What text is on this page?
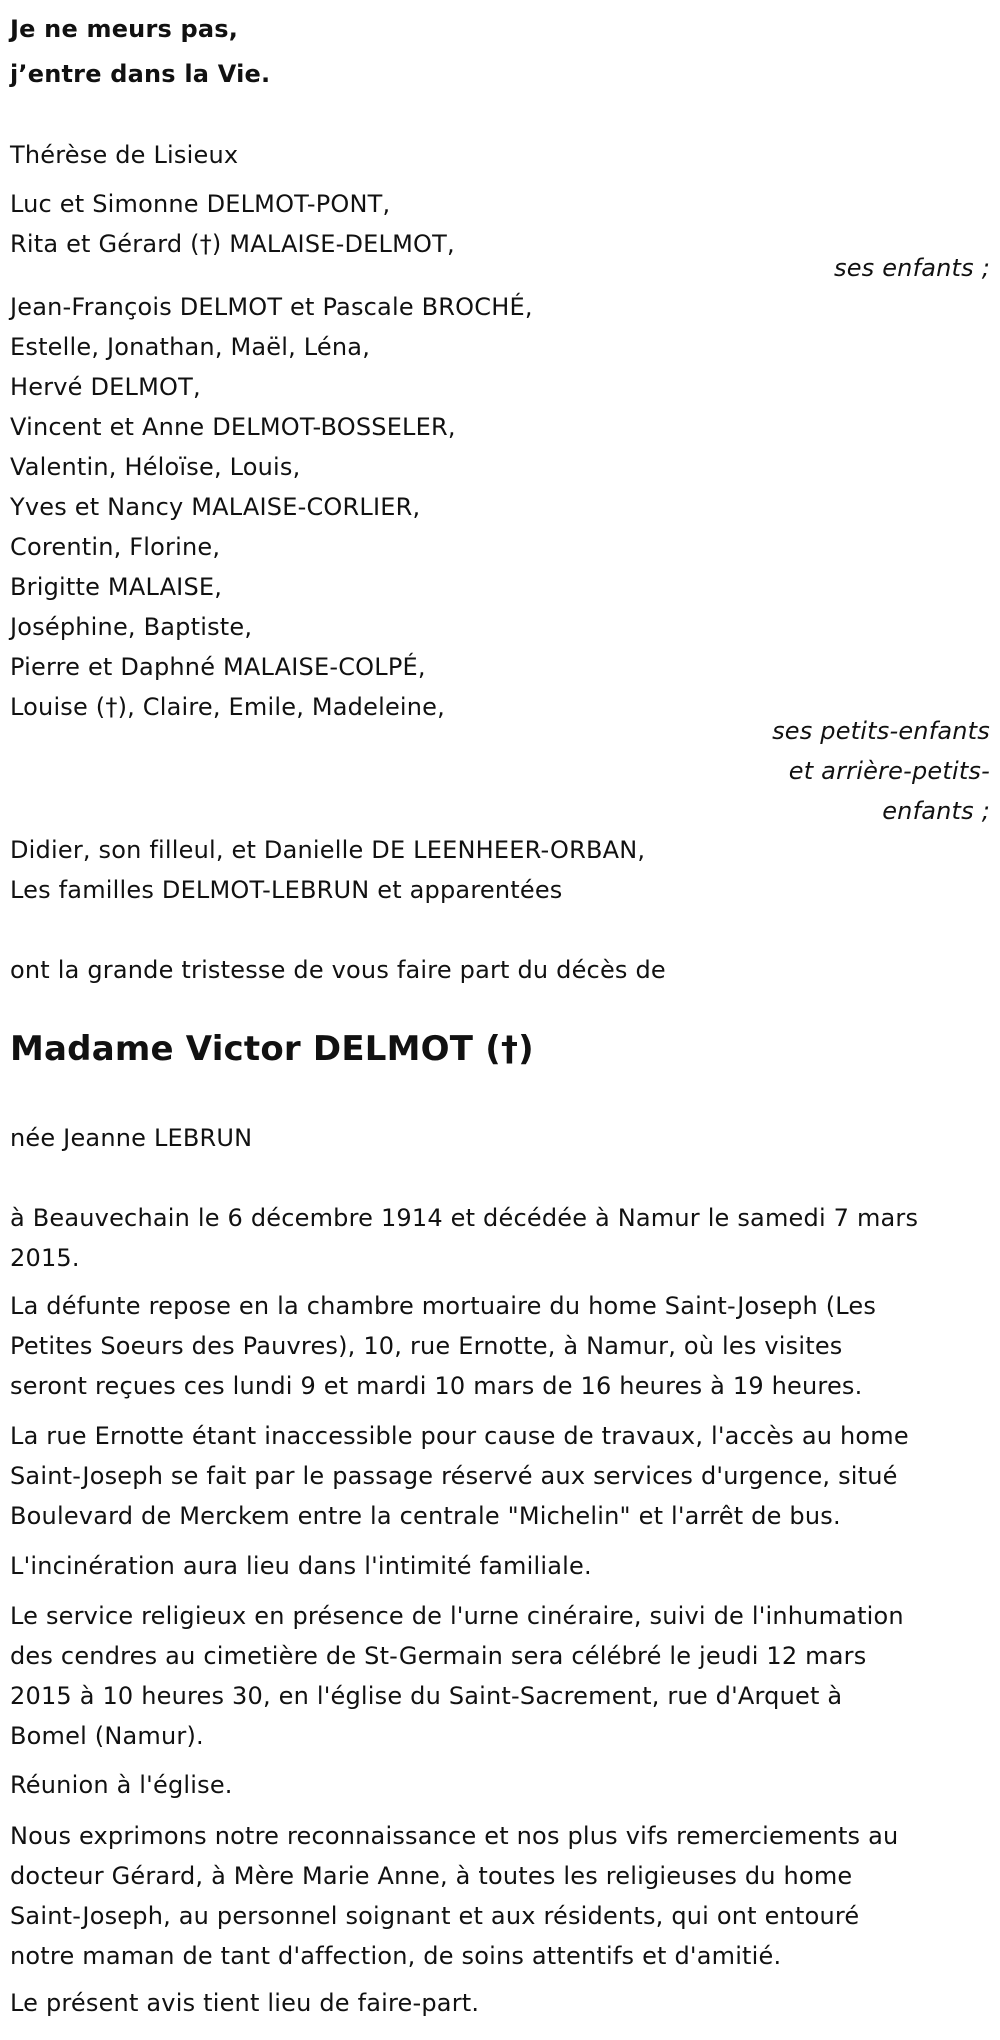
Je ne meurs pas,
j’entre dans la Vie.
Thérèse de Lisieux
Luc et Simonne DELMOT-PONT,
Rita et Gérard (†) MALAISE-DELMOT,
ses enfants ;
Jean-François DELMOT et Pascale BROCHÉ,
Estelle, Jonathan, Maël, Léna,
Hervé DELMOT,
Vincent et Anne DELMOT-BOSSELER,
Valentin, Héloïse, Louis,
Yves et Nancy MALAISE-CORLIER,
Corentin, Florine,
Brigitte MALAISE,
Joséphine, Baptiste,
Pierre et Daphné MALAISE-COLPÉ,
Louise (†), Claire, Emile, Madeleine,
ses petits-enfants
et arrière-petits-
enfants ;
Didier, son filleul, et Danielle DE LEENHEER-ORBAN,
Les familles DELMOT-LEBRUN et apparentées
ont la grande tristesse de vous faire part du décès de
Madame Victor DELMOT (†)
née Jeanne LEBRUN
à Beauvechain le 6 décembre 1914 et décédée à Namur le samedi 7 mars
2015.
La défunte repose en la chambre mortuaire du home Saint-Joseph (Les
Petites Soeurs des Pauvres), 10, rue Ernotte, à Namur, où les visites
seront reçues ces lundi 9 et mardi 10 mars de 16 heures à 19 heures.
La rue Ernotte étant inaccessible pour cause de travaux, l'accès au home
Saint-Joseph se fait par le passage réservé aux services d'urgence, situé
Boulevard de Merckem entre la centrale "Michelin" et l'arrêt de bus.
L'incinération aura lieu dans l'intimité familiale.
Le service religieux en présence de l'urne cinéraire, suivi de l'inhumation
des cendres au cimetière de St-Germain sera célébré le jeudi 12 mars
2015 à 10 heures 30, en l'église du Saint-Sacrement, rue d'Arquet à
Bomel (Namur).
Réunion à l'église.
Nous exprimons notre reconnaissance et nos plus vifs remerciements au
docteur Gérard, à Mère Marie Anne, à toutes les religieuses du home
Saint-Joseph, au personnel soignant et aux résidents, qui ont entouré
notre maman de tant d'affection, de soins attentifs et d'amitié.
Le présent avis tient lieu de faire-part.
